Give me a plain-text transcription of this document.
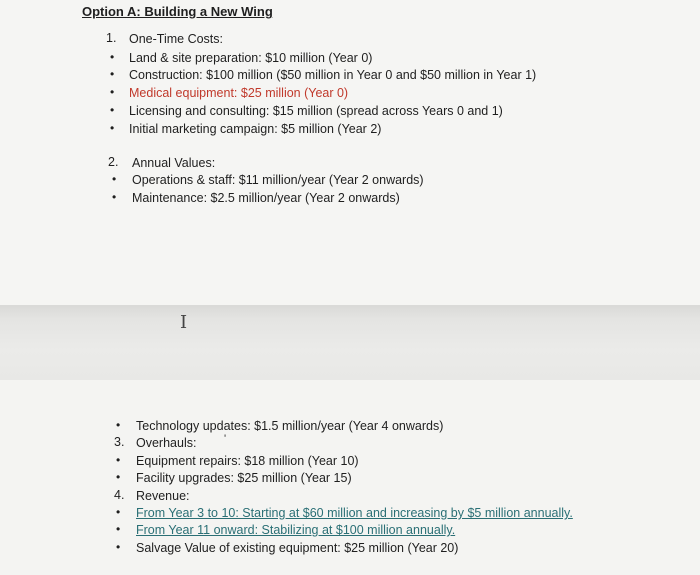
Option A: Building a New Wing
1. One-Time Costs:
• Land & site preparation: $10 million (Year 0)
• Construction: $100 million ($50 million in Year 0 and $50 million in Year 1)
• Medical equipment: $25 million (Year 0)
• Licensing and consulting: $15 million (spread across Years 0 and 1)
• Initial marketing campaign: $5 million (Year 2)
2. Annual Values:
• Operations & staff: $11 million/year (Year 2 onwards)
• Maintenance: $2.5 million/year (Year 2 onwards)
I
• Technology updates: $1.5 million/year (Year 4 onwards)
3. Overhauls:	'
• Equipment repairs: $18 million (Year 10)
• Facility upgrades: $25 million (Year 15)
4. Revenue:
• From Year 3 to 10: Starting at $60 million and increasing by $5 million annually.
• From Year 11 onward: Stabilizing at $100 million annually.
• Salvage Value of existing equipment: $25 million (Year 20)
